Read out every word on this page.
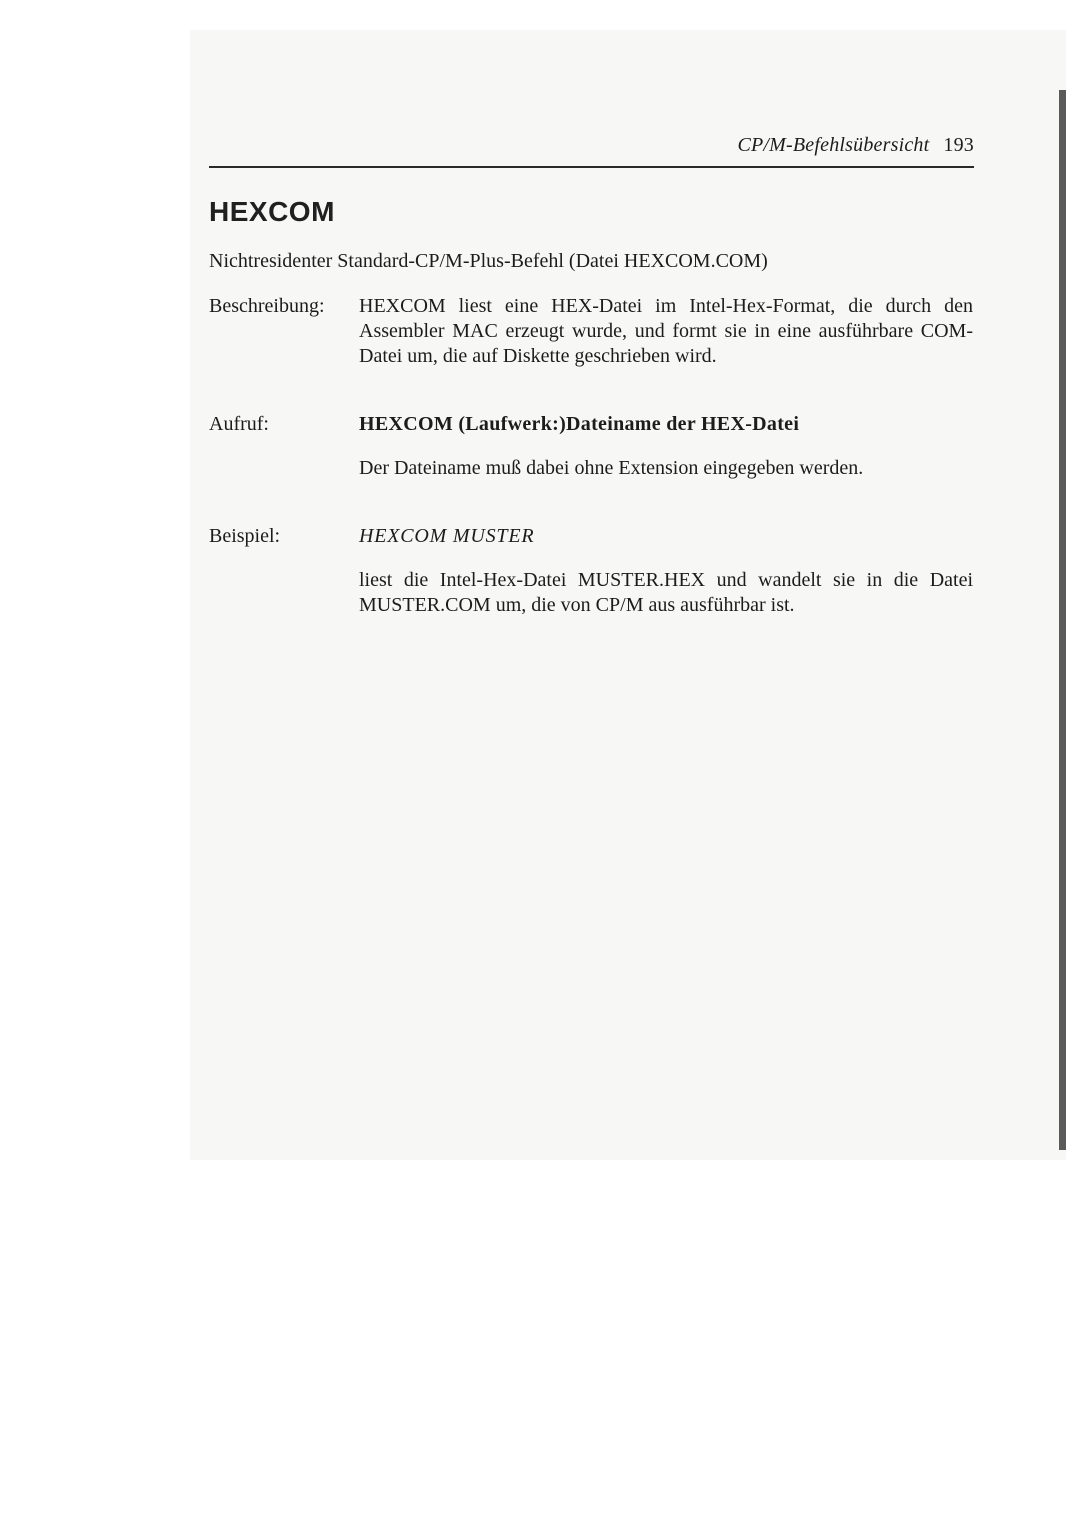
CP/M-Befehlsübersicht 193
HEXCOM
Nichtresidenter Standard-CP/M-Plus-Befehl (Datei HEXCOM.COM)
Beschreibung: HEXCOM liest eine HEX-Datei im Intel-Hex-Format, die durch den Assembler MAC erzeugt wurde, und formt sie in eine ausführbare COM-Datei um, die auf Diskette geschrieben wird.
Aufruf:	HEXCOM (Laufwerk:)Dateiname der HEX-Datei
Der Dateiname muß dabei ohne Extension eingegeben werden.
Beispiel:	HEXCOM MUSTER
liest die Intel-Hex-Datei MUSTER.HEX und wandelt sie in die Datei MUSTER.COM um, die von CP/M aus ausführbar ist.
